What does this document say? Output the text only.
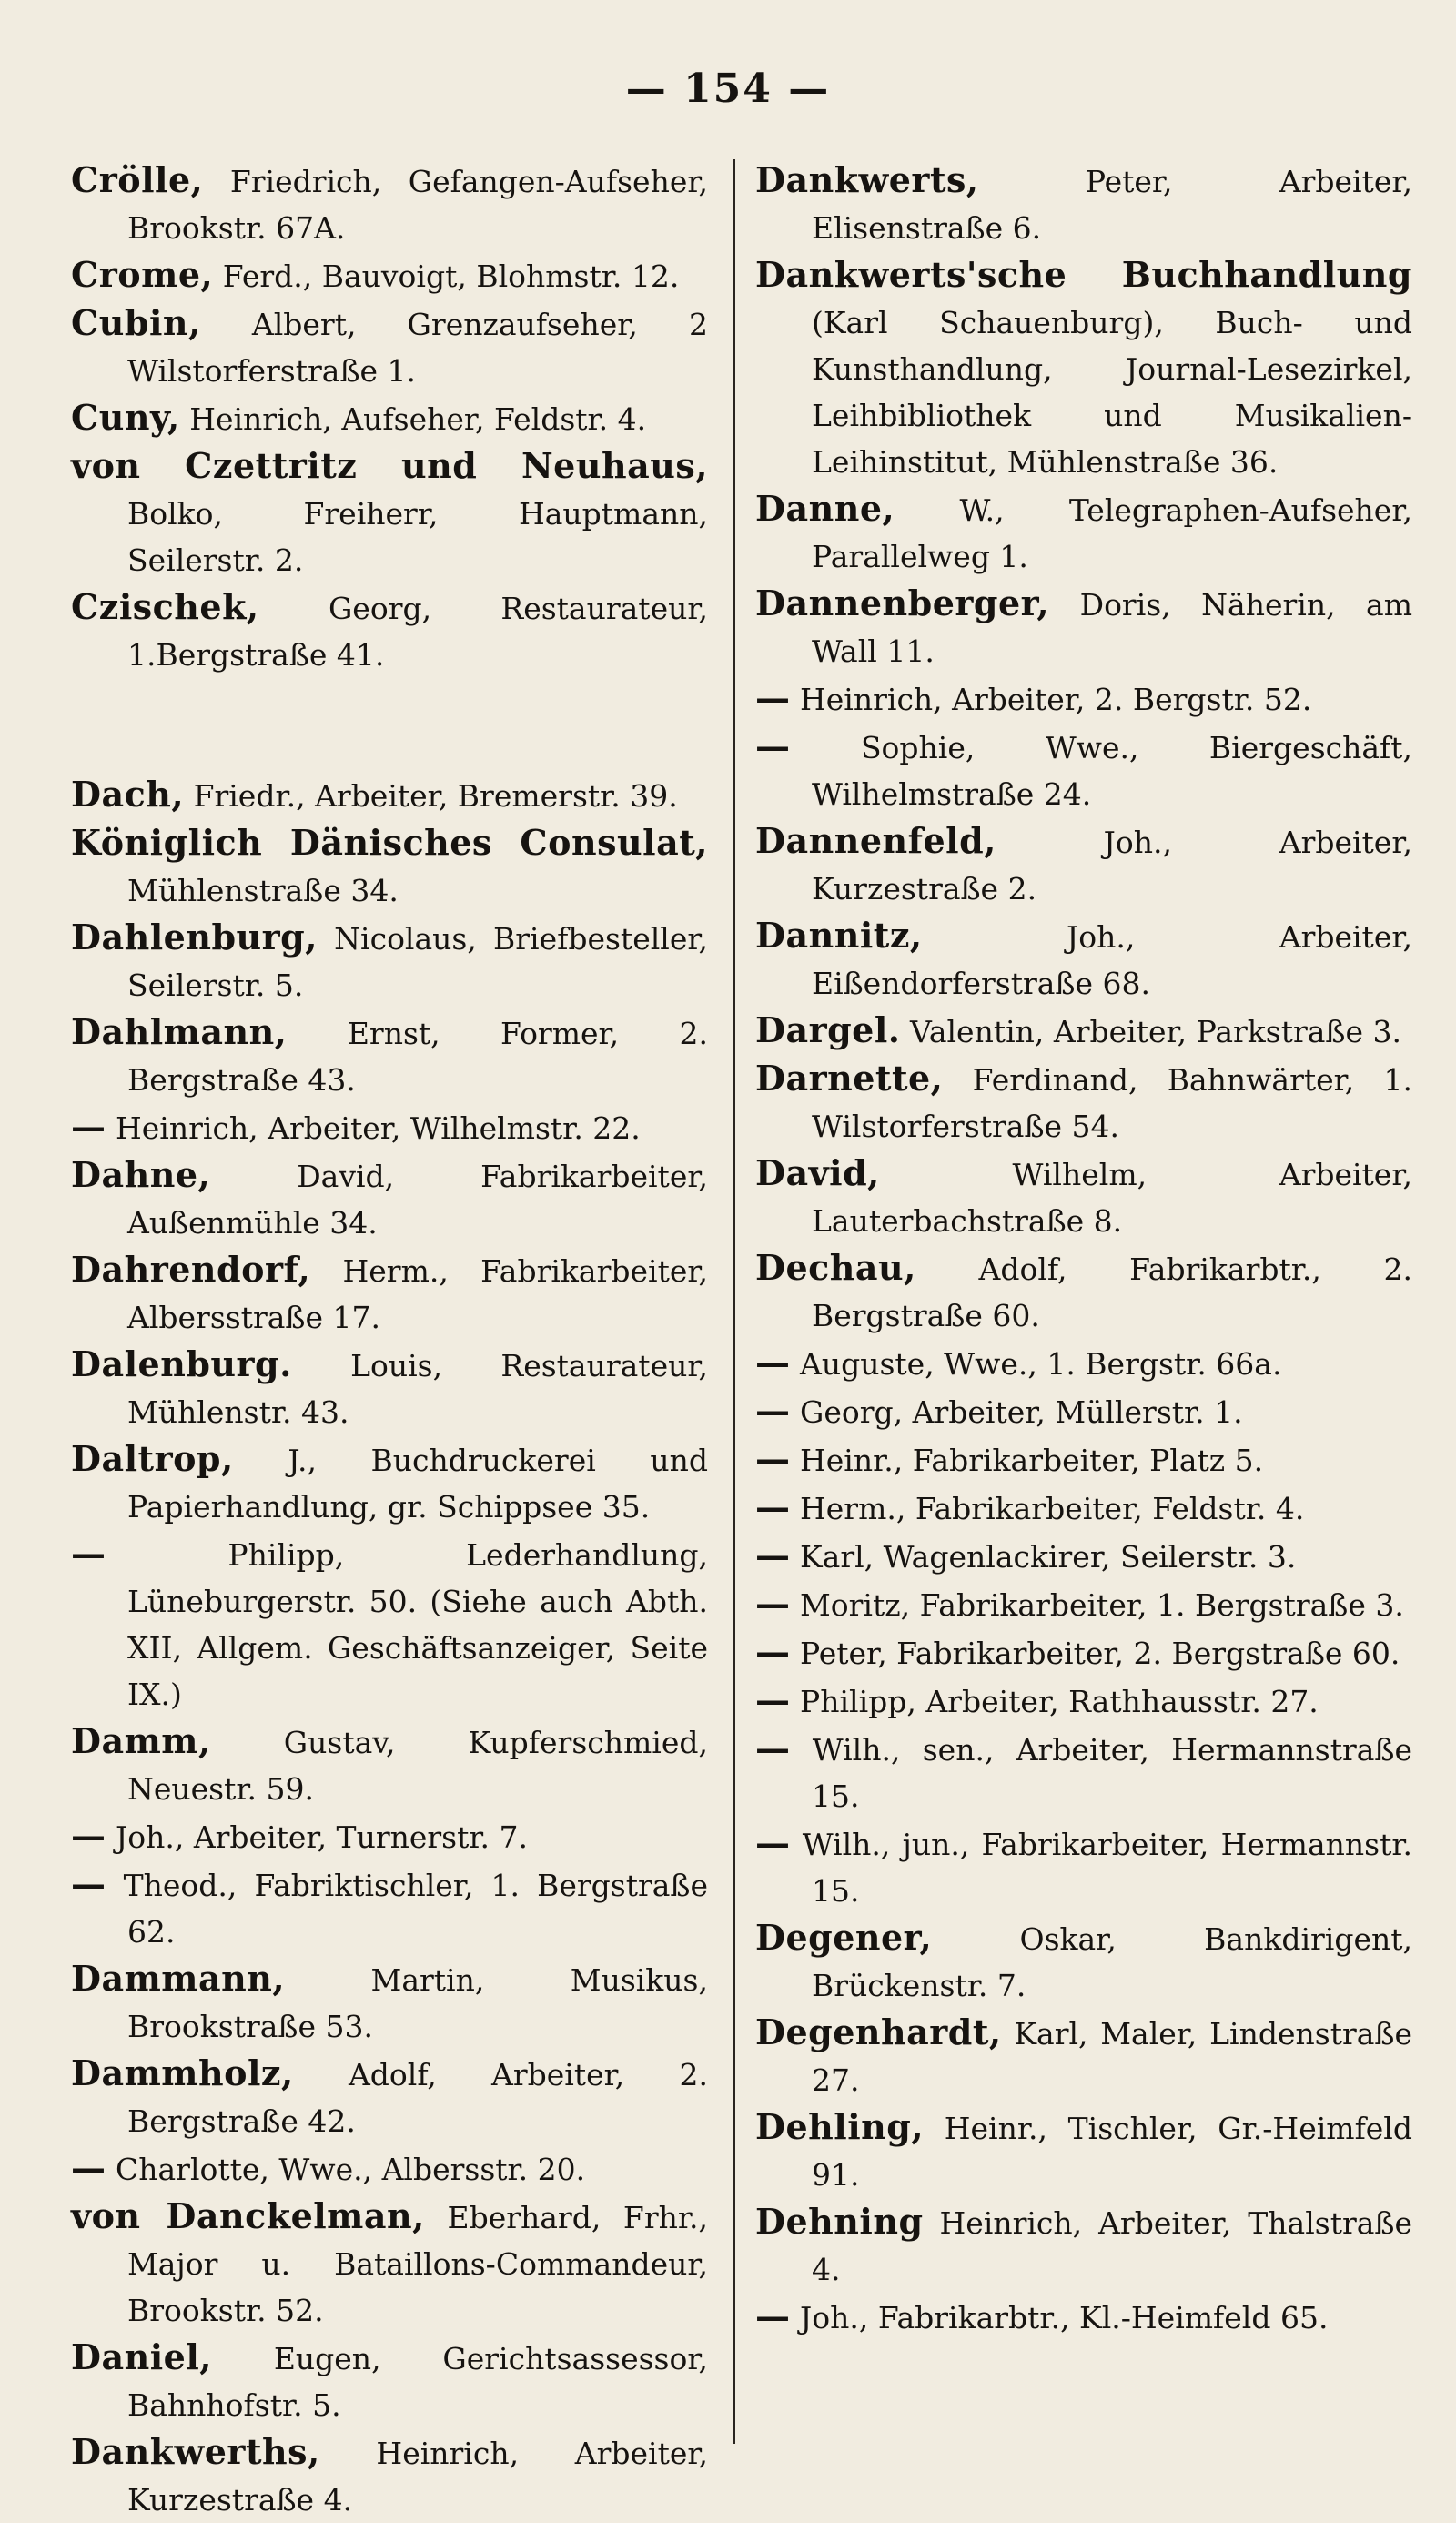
— 154 —
Crölle, Friedrich, Gefangen-Aufseher, Brookstr. 67A.
Crome, Ferd., Bauvoigt, Blohmstr. 12.
Cubin, Albert, Grenzaufseher, 2 Wilstorferstraße 1.
Cuny, Heinrich, Aufseher, Feldstr. 4.
von Czettritz und Neuhaus, Bolko, Freiherr, Hauptmann, Seilerstr. 2.
Czischek, Georg, Restaurateur, 1.Bergstraße 41.
Dach, Friedr., Arbeiter, Bremerstr. 39.
Königlich Dänisches Consulat, Mühlenstraße 34.
Dahlenburg, Nicolaus, Briefbesteller, Seilerstr. 5.
Dahlmann, Ernst, Former, 2. Bergstraße 43.
— Heinrich, Arbeiter, Wilhelmstr. 22.
Dahne,	David, Fabrikarbeiter, Außenmühle 34.
Dahrendorf, Herm., Fabrikarbeiter, Albersstraße 17.
Dalenburg. Louis, Restaurateur, Mühlenstr. 43.
Daltrop, J., Buchdruckerei und Papierhandlung, gr. Schippsee 35.
—	Philipp, Lederhandlung, Lüneburgerstr. 50. (Siehe auch Abth. XII, Allgem. Geschäftsanzeiger, Seite IX.)
Damm, Gustav, Kupferschmied, Neuestr. 59.
— Joh., Arbeiter, Turnerstr. 7.
— Theod., Fabriktischler, 1. Bergstraße 62.
Dammann,	Martin, Musikus, Brookstraße 53.
Dammholz, Adolf, Arbeiter, 2. Bergstraße 42.
— Charlotte, Wwe., Albersstr. 20.
von Danckelman, Eberhard, Frhr., Major u. Bataillons-Commandeur, Brookstr. 52.
Daniel, Eugen, Gerichtsassessor, Bahnhofstr. 5.
Dankwerths, Heinrich, Arbeiter, Kurzestraße 4.
Dankwerts,	Peter, Arbeiter, Elisenstraße 6.
Dankwerts'sche Buchhandlung (Karl Schauenburg), Buch- und Kunsthandlung, Journal-Lesezirkel, Leihbibliothek und Musikalien-Leihinstitut, Mühlenstraße 36.
Danne, W., Telegraphen-Aufseher, Parallelweg 1.
Dannenberger, Doris, Näherin, am Wall 11.
— Heinrich, Arbeiter, 2. Bergstr. 52.
— Sophie, Wwe., Biergeschäft, Wilhelmstraße 24.
Dannenfeld,	Joh., Arbeiter, Kurzestraße 2.
Dannitz,	Joh., Arbeiter, Eißendorferstraße 68.
Dargel. Valentin, Arbeiter, Parkstraße 3.
Darnette, Ferdinand, Bahnwärter, 1. Wilstorferstraße 54.
David,	Wilhelm, Arbeiter, Lauterbachstraße 8.
Dechau, Adolf, Fabrikarbtr., 2. Bergstraße 60.
— Auguste, Wwe., 1. Bergstr. 66a.
— Georg, Arbeiter, Müllerstr. 1.
— Heinr., Fabrikarbeiter, Platz 5.
— Herm., Fabrikarbeiter, Feldstr. 4.
— Karl, Wagenlackirer, Seilerstr. 3.
— Moritz, Fabrikarbeiter, 1. Bergstraße 3.
— Peter, Fabrikarbeiter, 2. Bergstraße 60.
— Philipp, Arbeiter, Rathhausstr. 27.
— Wilh., sen., Arbeiter, Hermannstraße 15.
— Wilh., jun., Fabrikarbeiter, Hermannstr. 15.
Degener,	Oskar, Bankdirigent, Brückenstr. 7.
Degenhardt, Karl, Maler, Lindenstraße 27.
Dehling, Heinr., Tischler, Gr.-Heimfeld 91.
Dehning Heinrich, Arbeiter, Thalstraße 4.
— Joh., Fabrikarbtr., Kl.-Heimfeld 65.
